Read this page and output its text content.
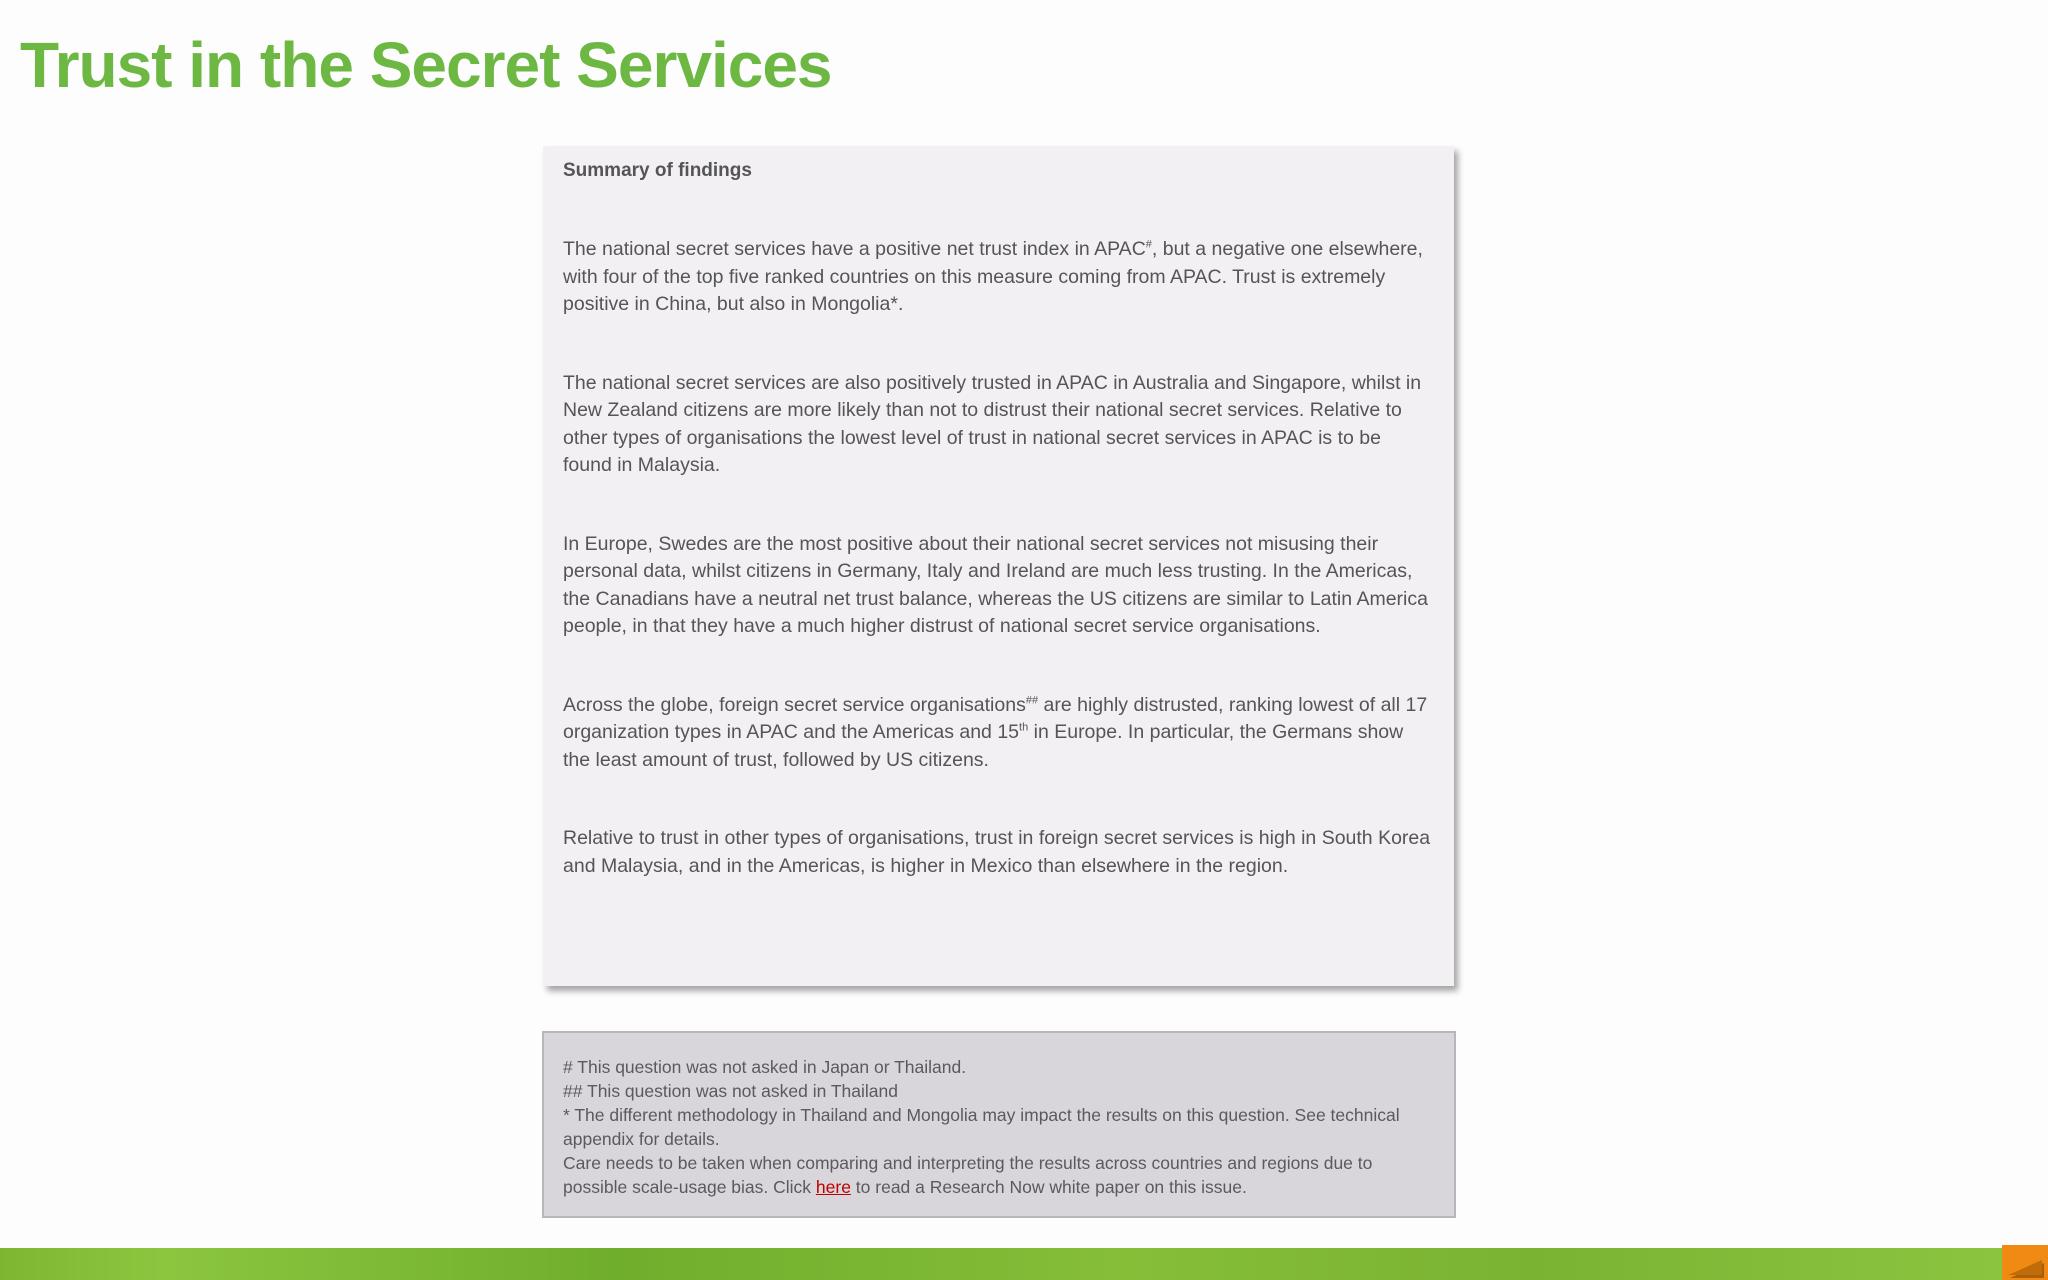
Trust in the Secret Services
Summary of findings

The national secret services have a positive net trust index in APAC#, but a negative one elsewhere, with four of the top five ranked countries on this measure coming from APAC. Trust is extremely positive in China, but also in Mongolia*.

The national secret services are also positively trusted in APAC in Australia and Singapore, whilst in New Zealand citizens are more likely than not to distrust their national secret services. Relative to other types of organisations the lowest level of trust in national secret services in APAC is to be found in Malaysia.

In Europe, Swedes are the most positive about their national secret services not misusing their personal data, whilst citizens in Germany, Italy and Ireland are much less trusting. In the Americas, the Canadians have a neutral net trust balance, whereas the US citizens are similar to Latin America people, in that they have a much higher distrust of national secret service organisations.

Across the globe, foreign secret service organisations## are highly distrusted, ranking lowest of all 17 organization types in APAC and the Americas and 15th in Europe. In particular, the Germans show the least amount of trust, followed by US citizens.

Relative to trust in other types of organisations, trust in foreign secret services is high in South Korea and Malaysia, and in the Americas, is higher in Mexico than elsewhere in the region.

# This question was not asked in Japan or Thailand.
## This question was not asked in Thailand
* The different methodology in Thailand and Mongolia may impact the results on this question. See technical appendix for details.
Care needs to be taken when comparing and interpreting the results across countries and regions due to possible scale-usage bias. Click here to read a Research Now white paper on this issue.
